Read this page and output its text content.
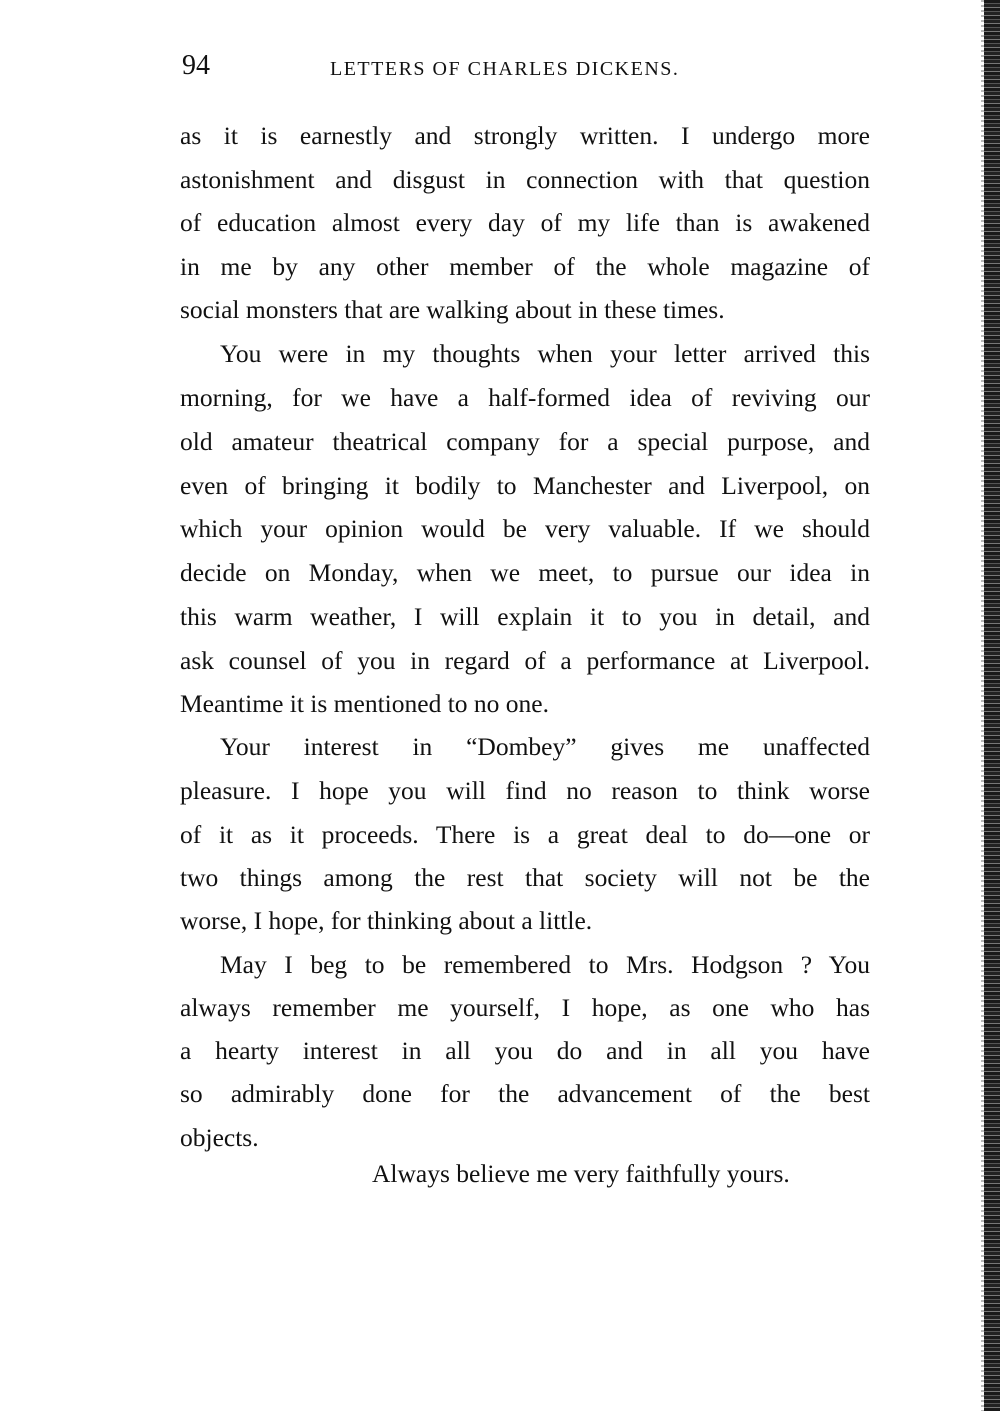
94	LETTERS OF CHARLES DICKENS.
as it is earnestly and strongly written. I undergo more
astonishment and disgust in connection with that question
of education almost every day of my life than is awakened
in me by any other member of the whole magazine of
social monsters that are walking about in these times.
You were in my thoughts when your letter arrived this
morning, for we have a half-formed idea of reviving our
old amateur theatrical company for a special purpose, and
even of bringing it bodily to Manchester and Liverpool, on
which your opinion would be very valuable. If we should
decide on Monday, when we meet, to pursue our idea in
this warm weather, I will explain it to you in detail, and
ask counsel of you in regard of a performance at Liverpool.
Meantime it is mentioned to no one.
Your interest in “Dombey” gives me unaffected
pleasure. I hope you will find no reason to think worse
of it as it proceeds. There is a great deal to do—one or
two things among the rest that society will not be the
worse, I hope, for thinking about a little.
May I beg to be remembered to Mrs. Hodgson ? You
always remember me yourself, I hope, as one who has
a hearty interest in all you do and in all you have
so admirably done for the advancement of the best
objects.
Always believe me very faithfully yours.
